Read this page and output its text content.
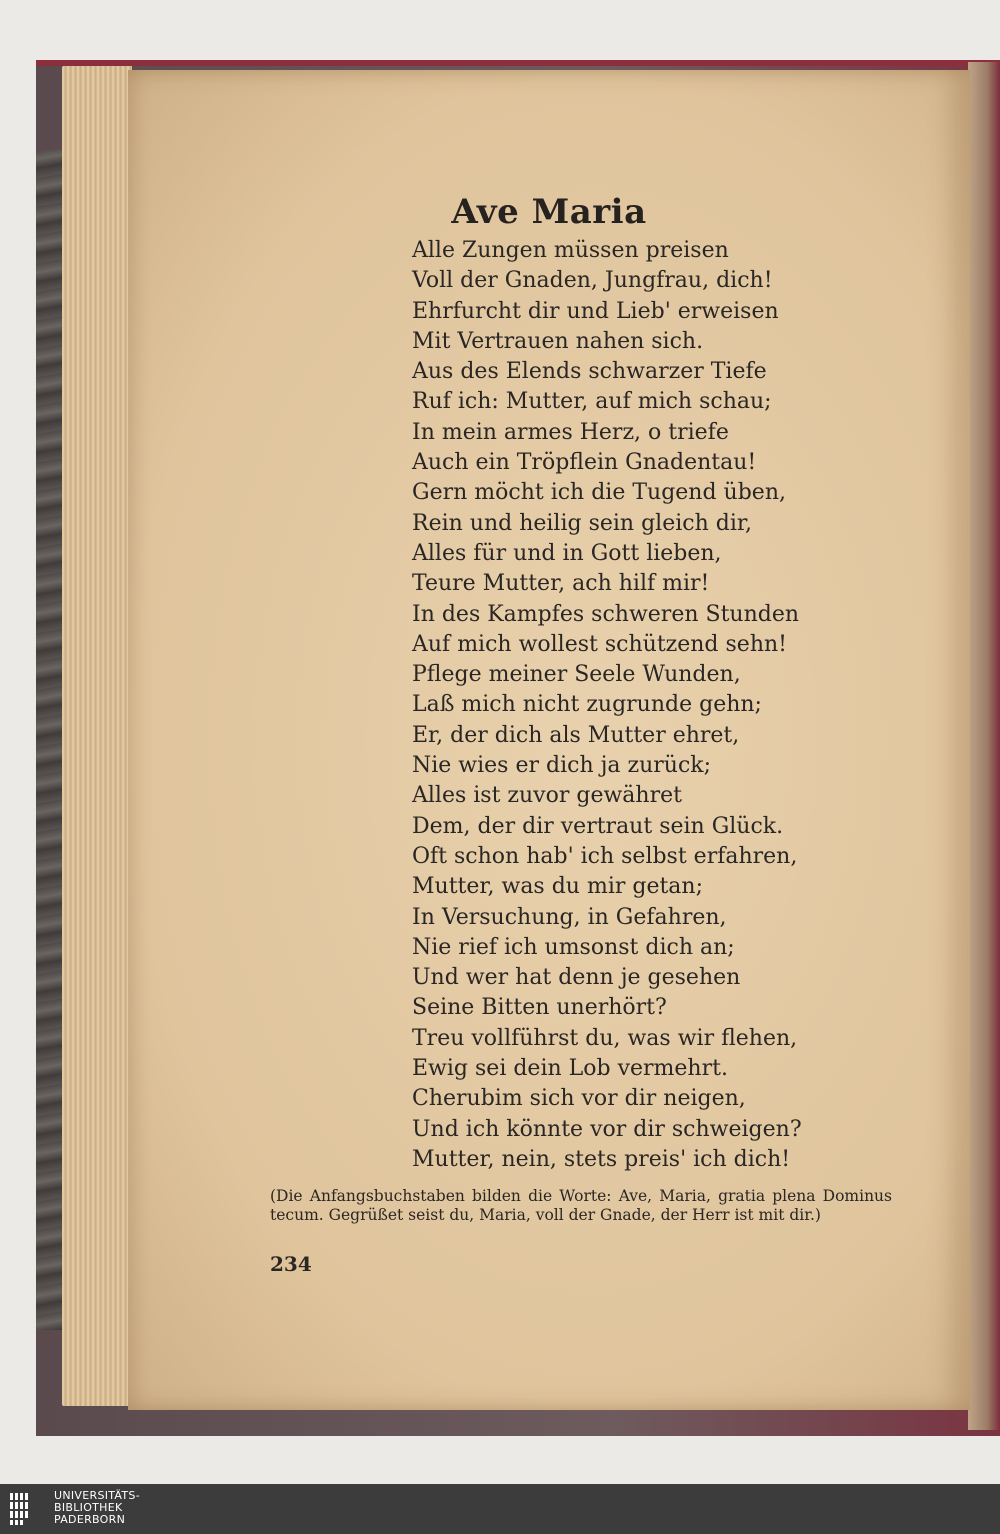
Ave Maria
Alle Zungen müssen preisen
Voll der Gnaden, Jungfrau, dich!
Ehrfurcht dir und Lieb' erweisen
Mit Vertrauen nahen sich.
Aus des Elends schwarzer Tiefe
Ruf ich: Mutter, auf mich schau;
In mein armes Herz, o triefe
Auch ein Tröpflein Gnadentau!
Gern möcht ich die Tugend üben,
Rein und heilig sein gleich dir,
Alles für und in Gott lieben,
Teure Mutter, ach hilf mir!
In des Kampfes schweren Stunden
Auf mich wollest schützend sehn!
Pflege meiner Seele Wunden,
Laß mich nicht zugrunde gehn;
Er, der dich als Mutter ehret,
Nie wies er dich ja zurück;
Alles ist zuvor gewähret
Dem, der dir vertraut sein Glück.
Oft schon hab' ich selbst erfahren,
Mutter, was du mir getan;
In Versuchung, in Gefahren,
Nie rief ich umsonst dich an;
Und wer hat denn je gesehen
Seine Bitten unerhört?
Treu vollführst du, was wir flehen,
Ewig sei dein Lob vermehrt.
Cherubim sich vor dir neigen,
Und ich könnte vor dir schweigen?
Mutter, nein, stets preis' ich dich!

(Die Anfangsbuchstaben bilden die Worte: Ave, Maria, gratia plena Dominus tecum. Gegrüßet seist du, Maria, voll der Gnade, der Herr ist mit dir.)

234

UNIVERSITÄTS-
BIBLIOTHEK
PADERBORN
